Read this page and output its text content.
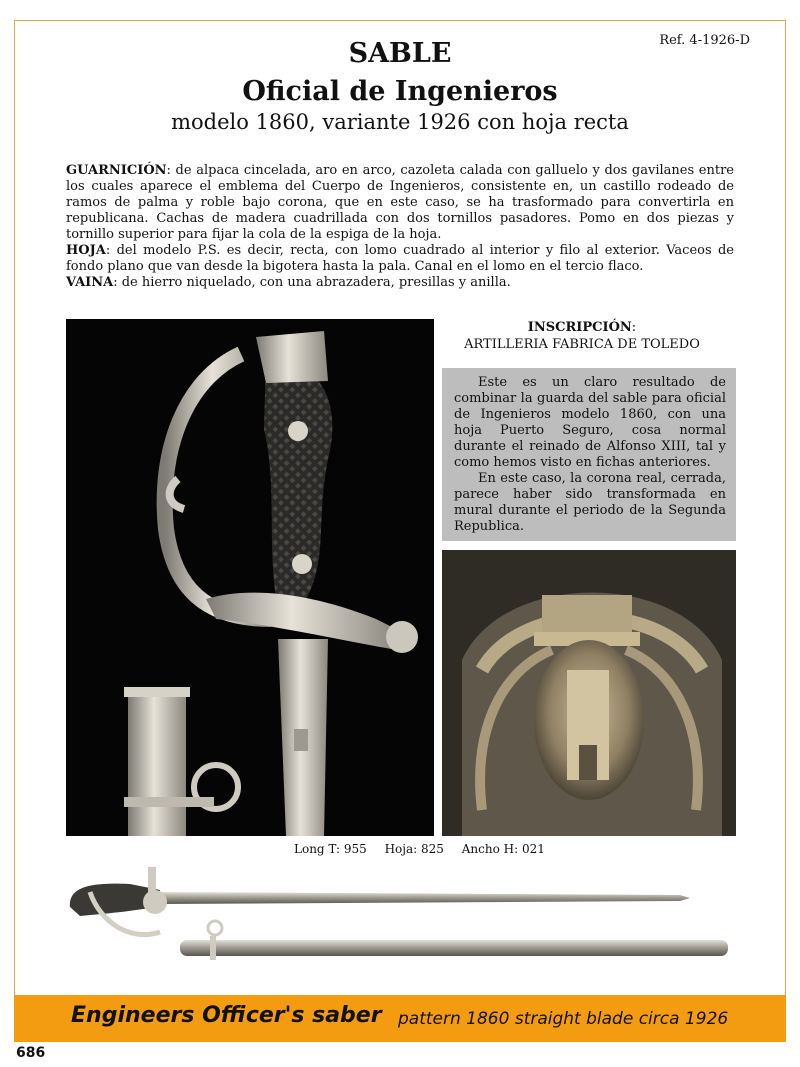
Ref. 4-1926-D
SABLE
Oficial de Ingenieros
modelo 1860, variante 1926 con hoja recta

GUARNICIÓN: de alpaca cincelada, aro en arco, cazoleta calada con galluelo y dos gavilanes entre los cuales aparece el emblema del Cuerpo de Ingenieros, consistente en, un castillo rodeado de ramos de palma y roble bajo corona, que en este caso, se ha trasformado para convertirla en republicana. Cachas de madera cuadrillada con dos tornillos pasadores. Pomo en dos piezas y tornillo superior para fijar la cola de la espiga de la hoja.

HOJA: del modelo P.S. es decir, recta, con lomo cuadrado al interior y filo al exterior. Vaceos de fondo plano que van desde la bigotera hasta la pala. Canal en el lomo en el tercio flaco.

VAINA: de hierro niquelado, con una abrazadera, presillas y anilla.

INSCRIPCIÓN:
ARTILLERIA FABRICA DE TOLEDO

Este es un claro resultado de combinar la guarda del sable para oficial de Ingenieros modelo 1860, con una hoja Puerto Seguro, cosa normal durante el reinado de Alfonso XIII, tal y como hemos visto en fichas anteriores.

En este caso, la corona real, cerrada, parece haber sido transformada en mural durante el periodo de la Segunda Republica.

Long T: 955 Hoja: 825 Ancho H: 021
Engineers Officer's saber pattern 1860 straight blade circa 1926
686
